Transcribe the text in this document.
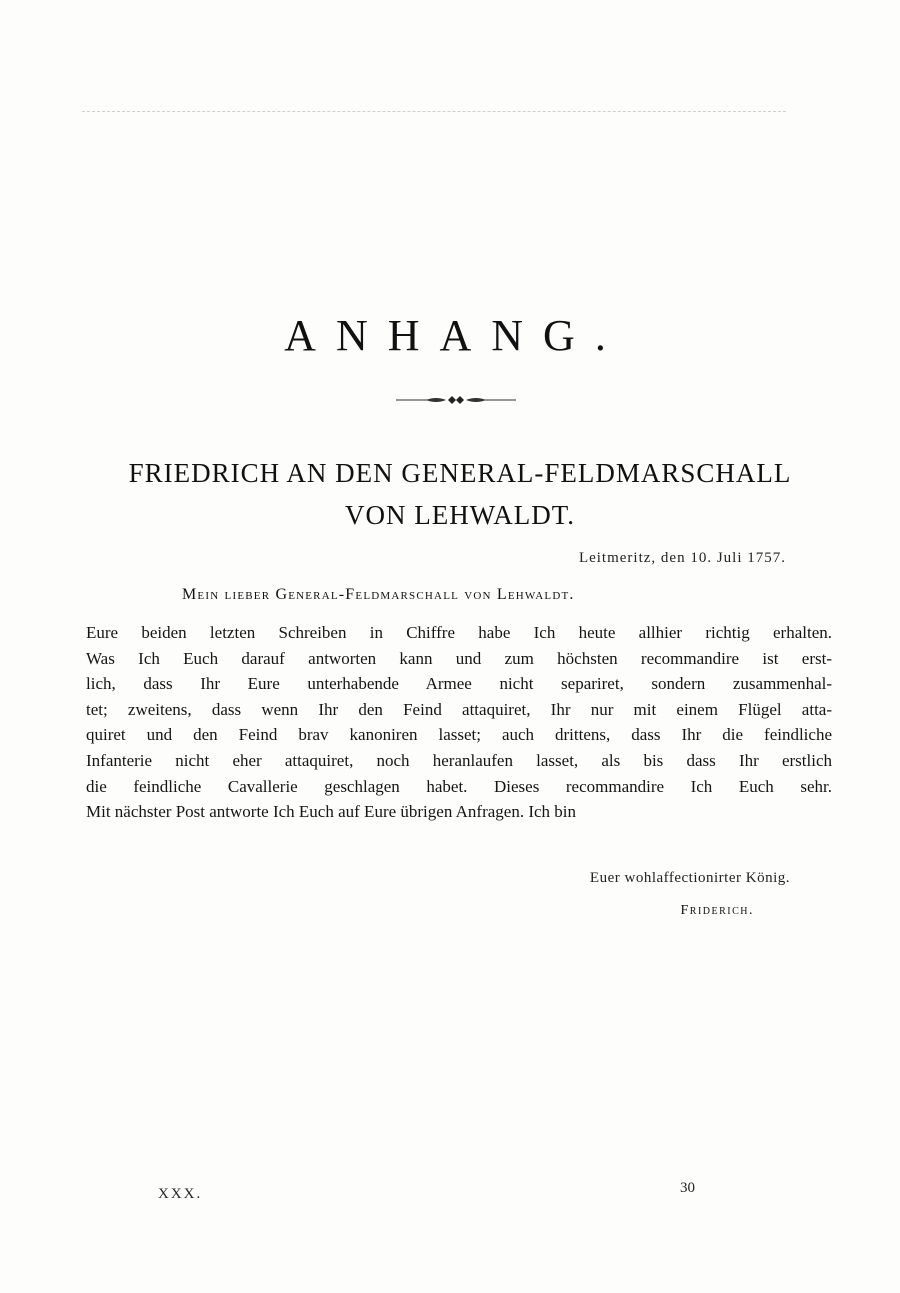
ANHANG.
FRIEDRICH AN DEN GENERAL-FELDMARSCHALL
VON LEHWALDT.
Leitmeritz, den 10. Juli 1757.
Mein lieber General-Feldmarschall von Lehwaldt.
Eure beiden letzten Schreiben in Chiffre habe Ich heute allhier richtig erhalten.
Was Ich Euch darauf antworten kann und zum höchsten recommandire ist erst-
lich, dass Ihr Eure unterhabende Armee nicht separiret, sondern zusammenhal-
tet; zweitens, dass wenn Ihr den Feind attaquiret, Ihr nur mit einem Flügel atta-
quiret und den Feind brav kanoniren lasset; auch drittens, dass Ihr die feindliche
Infanterie nicht eher attaquiret, noch heranlaufen lasset, als bis dass Ihr erstlich
die feindliche Cavallerie geschlagen habet. Dieses recommandire Ich Euch sehr.
Mit nächster Post antworte Ich Euch auf Eure übrigen Anfragen. Ich bin
Euer wohlaffectionirter König.
Friderich.
XXX.	30
